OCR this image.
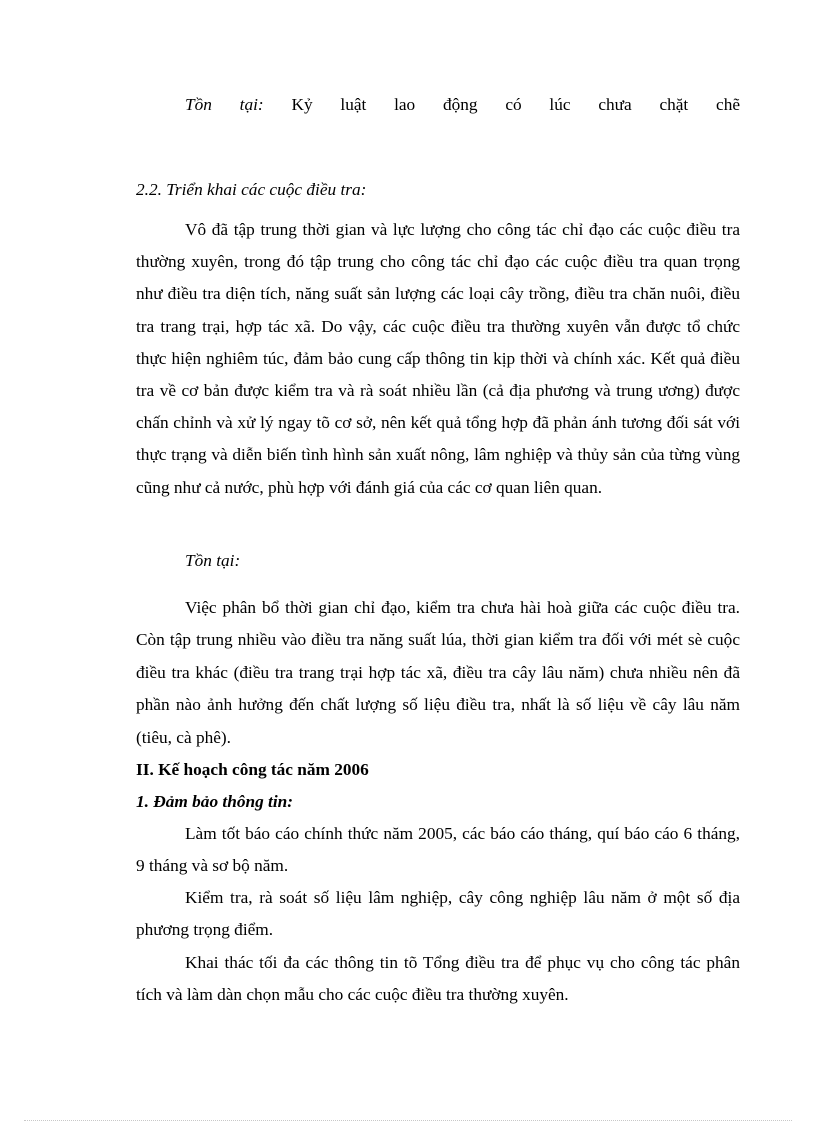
Tồn tại: Kỷ luật lao động có lúc chưa chặt chẽ
2.2. Triển khai các cuộc điều tra:
Vô đã tập trung thời gian và lực lượng cho công tác chỉ đạo các cuộc điều tra thường xuyên, trong đó tập trung cho công tác chỉ đạo các cuộc điều tra quan trọng như điều tra diện tích, năng suất sản lượng các loại cây trồng, điều tra chăn nuôi, điều tra trang trại, hợp tác xã. Do vậy, các cuộc điều tra thường xuyên vẫn được tổ chức thực hiện nghiêm túc, đảm bảo cung cấp thông tin kịp thời và chính xác. Kết quả điều tra về cơ bản được kiểm tra và rà soát nhiều lần (cả địa phương và trung ương) được chấn chỉnh và xử lý ngay tõ cơ sở, nên kết quả tổng hợp đã phản ánh tương đối sát với thực trạng và diễn biến tình hình sản xuất nông, lâm nghiệp và thủy sản của từng vùng cũng như cả nước, phù hợp với đánh giá của các cơ quan liên quan.
Tồn tại:
Việc phân bổ thời gian chỉ đạo, kiểm tra chưa hài hoà giữa các cuộc điều tra. Còn tập trung nhiều vào điều tra năng suất lúa, thời gian kiểm tra đối với mét sè cuộc điều tra khác (điều tra trang trại hợp tác xã, điều tra cây lâu năm) chưa nhiều nên đã phần nào ảnh hưởng đến chất lượng số liệu điều tra, nhất là số liệu về cây lâu năm (tiêu, cà phê).
II. Kế hoạch công tác năm 2006
1. Đảm bảo thông tin:
Làm tốt báo cáo chính thức năm 2005, các báo cáo tháng, quí báo cáo 6 tháng, 9 tháng và sơ bộ năm.
Kiểm tra, rà soát số liệu lâm nghiệp, cây công nghiệp lâu năm ở một số địa phương trọng điểm.
Khai thác tối đa các thông tin tõ Tổng điều tra để phục vụ cho công tác phân tích và làm dàn chọn mẫu cho các cuộc điều tra thường xuyên.
